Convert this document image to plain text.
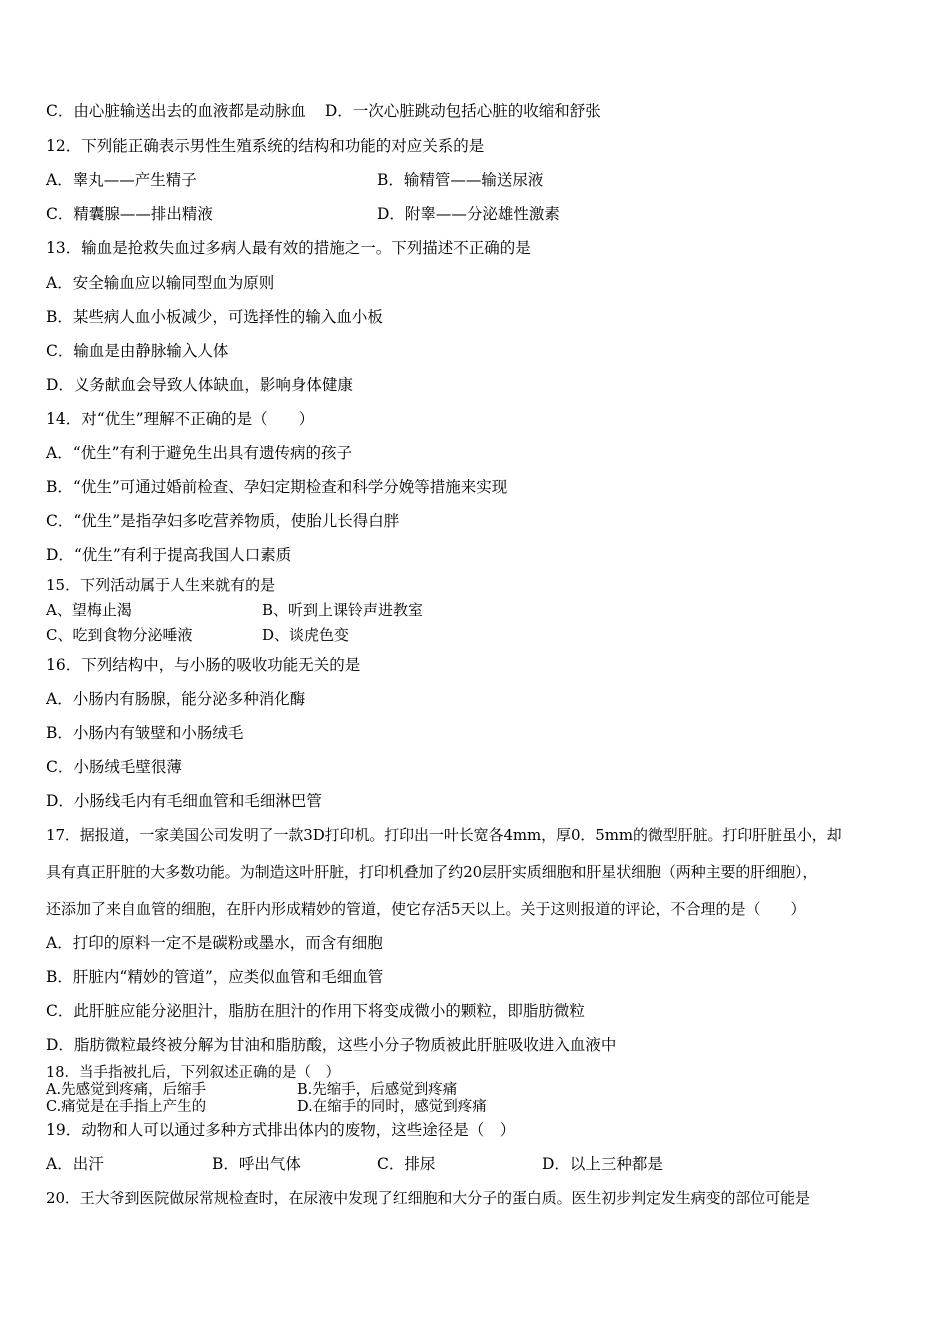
C．由心脏输送出去的血液都是动脉血 D．一次心脏跳动包括心脏的收缩和舒张
12．下列能正确表示男性生殖系统的结构和功能的对应关系的是
A．睾丸——产生精子	B．输精管——输送尿液
C．精囊腺——排出精液	D．附睾——分泌雄性激素
13．输血是抢救失血过多病人最有效的措施之一。下列描述不正确的是
A．安全输血应以输同型血为原则
B．某些病人血小板减少，可选择性的输入血小板
C．输血是由静脉输入人体
D．义务献血会导致人体缺血，影响身体健康
14．对“优生”理解不正确的是（　　）
A．“优生”有利于避免生出具有遗传病的孩子
B．“优生”可通过婚前检查、孕妇定期检查和科学分娩等措施来实现
C．“优生”是指孕妇多吃营养物质，使胎儿长得白胖
D．“优生”有利于提高我国人口素质
15．下列活动属于人生来就有的是
A、望梅止渴	B、听到上课铃声进教室
C、吃到食物分泌唾液	D、谈虎色变
16．下列结构中，与小肠的吸收功能无关的是
A．小肠内有肠腺，能分泌多种消化酶
B．小肠内有皱壁和小肠绒毛
C．小肠绒毛壁很薄
D．小肠线毛内有毛细血管和毛细淋巴管
17．据报道，一家美国公司发明了一款3D打印机。打印出一叶长宽各4mm，厚0．5mm的微型肝脏。打印肝脏虽小，却
具有真正肝脏的大多数功能。为制造这叶肝脏，打印机叠加了约20层肝实质细胞和肝星状细胞（两种主要的肝细胞），
还添加了来自血管的细胞，在肝内形成精妙的管道，使它存活5天以上。关于这则报道的评论，不合理的是（　　）
A．打印的原料一定不是碳粉或墨水，而含有细胞
B．肝脏内“精妙的管道”，应类似血管和毛细血管
C．此肝脏应能分泌胆汁，脂肪在胆汁的作用下将变成微小的颗粒，即脂肪微粒
D．脂肪微粒最终被分解为甘油和脂肪酸，这些小分子物质被此肝脏吸收进入血液中
18．当手指被扎后，下列叙述正确的是（　）
A.先感觉到疼痛，后缩手	B.先缩手，后感觉到疼痛
C.痛觉是在手指上产生的	D.在缩手的同时，感觉到疼痛
19．动物和人可以通过多种方式排出体内的废物，这些途径是（　）
A．出汗	B．呼出气体	C．排尿	D．以上三种都是
20．王大爷到医院做尿常规检查时，在尿液中发现了红细胞和大分子的蛋白质。医生初步判定发生病变的部位可能是
